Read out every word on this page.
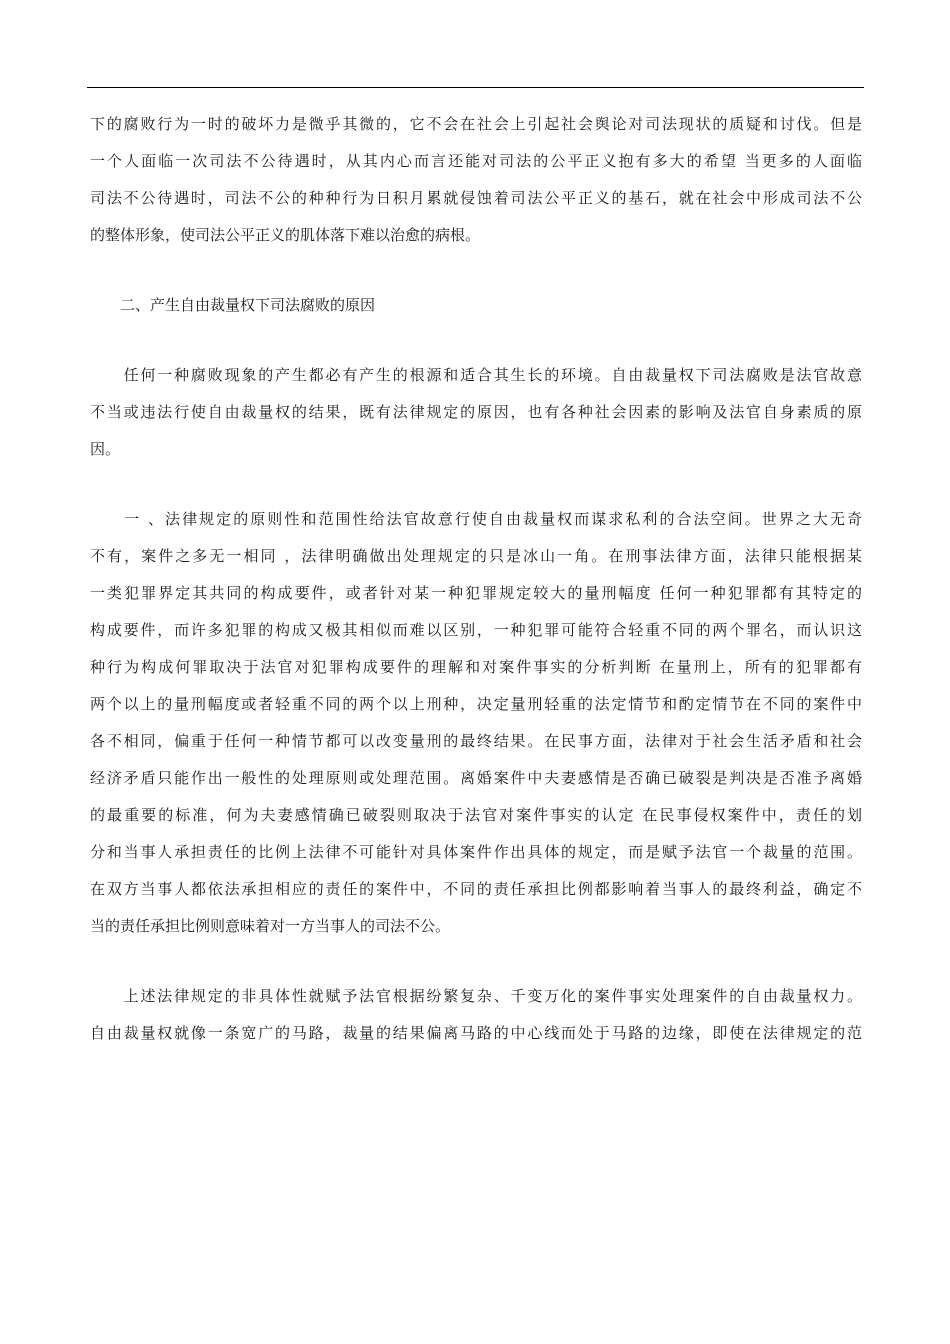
下的腐败行为一时的破坏力是微乎其微的，它不会在社会上引起社会舆论对司法现状的质疑和讨伐。但是
一个人面临一次司法不公待遇时，从其内心而言还能对司法的公平正义抱有多大的希望 当更多的人面临
司法不公待遇时，司法不公的种种行为日积月累就侵蚀着司法公平正义的基石，就在社会中形成司法不公
的整体形象，使司法公平正义的肌体落下难以治愈的病根。
　　二、产生自由裁量权下司法腐败的原因
　　任何一种腐败现象的产生都必有产生的根源和适合其生长的环境。自由裁量权下司法腐败是法官故意
不当或违法行使自由裁量权的结果，既有法律规定的原因，也有各种社会因素的影响及法官自身素质的原
因。
　　一 、法律规定的原则性和范围性给法官故意行使自由裁量权而谋求私利的合法空间。世界之大无奇
不有，案件之多无一相同 ，法律明确做出处理规定的只是冰山一角。在刑事法律方面，法律只能根据某
一类犯罪界定其共同的构成要件，或者针对某一种犯罪规定较大的量刑幅度 任何一种犯罪都有其特定的
构成要件，而许多犯罪的构成又极其相似而难以区别，一种犯罪可能符合轻重不同的两个罪名，而认识这
种行为构成何罪取决于法官对犯罪构成要件的理解和对案件事实的分析判断 在量刑上，所有的犯罪都有
两个以上的量刑幅度或者轻重不同的两个以上刑种，决定量刑轻重的法定情节和酌定情节在不同的案件中
各不相同，偏重于任何一种情节都可以改变量刑的最终结果。在民事方面，法律对于社会生活矛盾和社会
经济矛盾只能作出一般性的处理原则或处理范围。离婚案件中夫妻感情是否确已破裂是判决是否准予离婚
的最重要的标准，何为夫妻感情确已破裂则取决于法官对案件事实的认定 在民事侵权案件中，责任的划
分和当事人承担责任的比例上法律不可能针对具体案件作出具体的规定，而是赋予法官一个裁量的范围。
在双方当事人都依法承担相应的责任的案件中，不同的责任承担比例都影响着当事人的最终利益，确定不
当的责任承担比例则意味着对一方当事人的司法不公。
　　上述法律规定的非具体性就赋予法官根据纷繁复杂、千变万化的案件事实处理案件的自由裁量权力。
自由裁量权就像一条宽广的马路，裁量的结果偏离马路的中心线而处于马路的边缘，即使在法律规定的范
